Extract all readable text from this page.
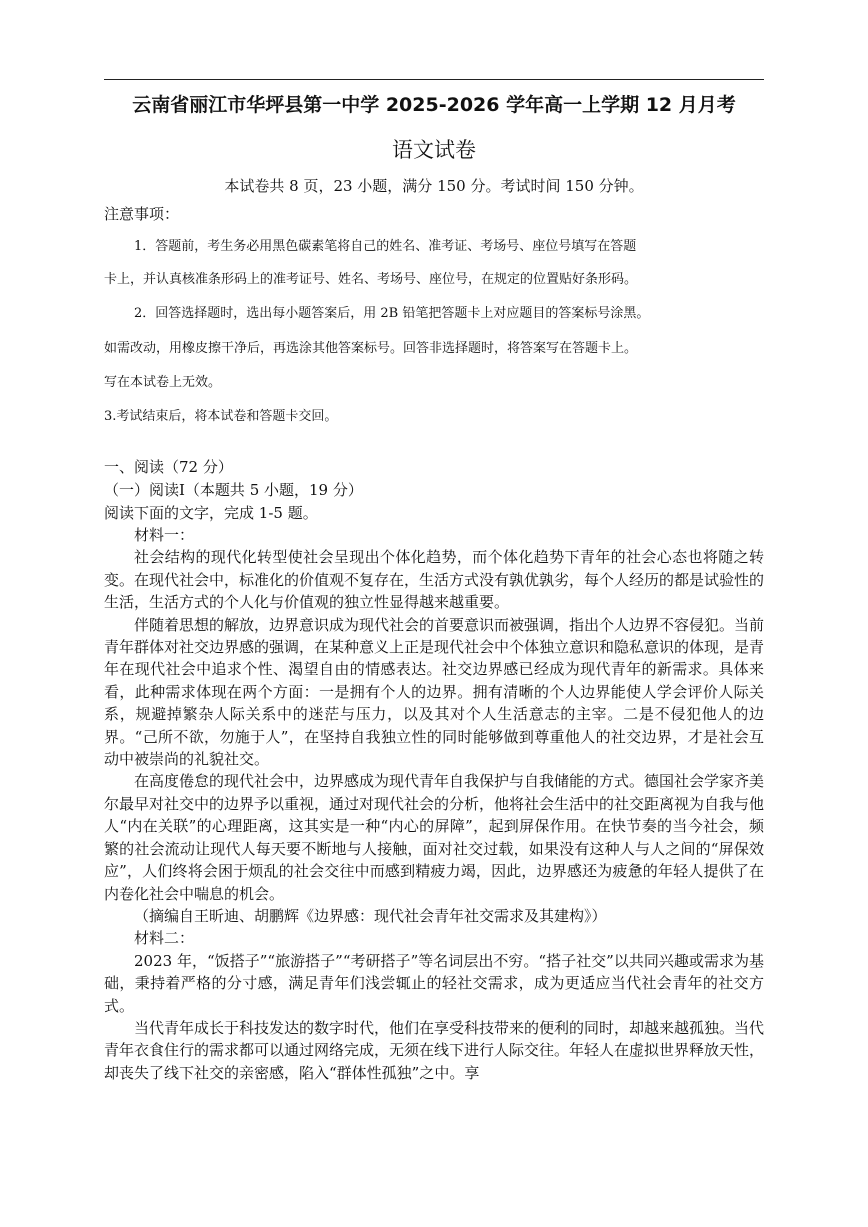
云南省丽江市华坪县第一中学 2025-2026 学年高一上学期 12 月月考
语文试卷
本试卷共 8 页，23 小题，满分 150 分。考试时间 150 分钟。
注意事项：
1．答题前，考生务必用黑色碳素笔将自己的姓名、准考证、考场号、座位号填写在答题
卡上，并认真核准条形码上的准考证号、姓名、考场号、座位号，在规定的位置贴好条形码。
2．回答选择题时，选出每小题答案后，用 2B 铅笔把答题卡上对应题目的答案标号涂黑。
如需改动，用橡皮擦干净后，再选涂其他答案标号。回答非选择题时，将答案写在答题卡上。
写在本试卷上无效。
3.考试结束后，将本试卷和答题卡交回。
一、阅读（72 分）
（一）阅读Ⅰ（本题共 5 小题，19 分）
阅读下面的文字，完成 1-5 题。

材料一：

社会结构的现代化转型使社会呈现出个体化趋势，而个体化趋势下青年的社会心态也将随之转变。在现代社会中，标准化的价值观不复存在，生活方式没有孰优孰劣，每个人经历的都是试验性的生活，生活方式的个人化与价值观的独立性显得越来越重要。

伴随着思想的解放，边界意识成为现代社会的首要意识而被强调，指出个人边界不容侵犯。当前青年群体对社交边界感的强调，在某种意义上正是现代社会中个体独立意识和隐私意识的体现，是青年在现代社会中追求个性、渴望自由的情感表达。社交边界感已经成为现代青年的新需求。具体来看，此种需求体现在两个方面：一是拥有个人的边界。拥有清晰的个人边界能使人学会评价人际关系，规避掉繁杂人际关系中的迷茫与压力，以及其对个人生活意志的主宰。二是不侵犯他人的边界。“己所不欲，勿施于人”，在坚持自我独立性的同时能够做到尊重他人的社交边界，才是社会互动中被崇尚的礼貌社交。

在高度倦怠的现代社会中，边界感成为现代青年自我保护与自我储能的方式。德国社会学家齐美尔最早对社交中的边界予以重视，通过对现代社会的分析，他将社会生活中的社交距离视为自我与他人“内在关联”的心理距离，这其实是一种“内心的屏障”，起到屏保作用。在快节奏的当今社会，频繁的社会流动让现代人每天要不断地与人接触，面对社交过载，如果没有这种人与人之间的“屏保效应”，人们终将会困于烦乱的社会交往中而感到精疲力竭，因此，边界感还为疲惫的年轻人提供了在内卷化社会中喘息的机会。

（摘编自王昕迪、胡鹏辉《边界感：现代社会青年社交需求及其建构》）

材料二：

2023 年，“饭搭子”“旅游搭子”“考研搭子”等名词层出不穷。“搭子社交”以共同兴趣或需求为基础，秉持着严格的分寸感，满足青年们浅尝辄止的轻社交需求，成为更适应当代社会青年的社交方式。

当代青年成长于科技发达的数字时代，他们在享受科技带来的便利的同时，却越来越孤独。当代青年衣食住行的需求都可以通过网络完成，无须在线下进行人际交往。年轻人在虚拟世界释放天性，却丧失了线下社交的亲密感，陷入“群体性孤独”之中。享
